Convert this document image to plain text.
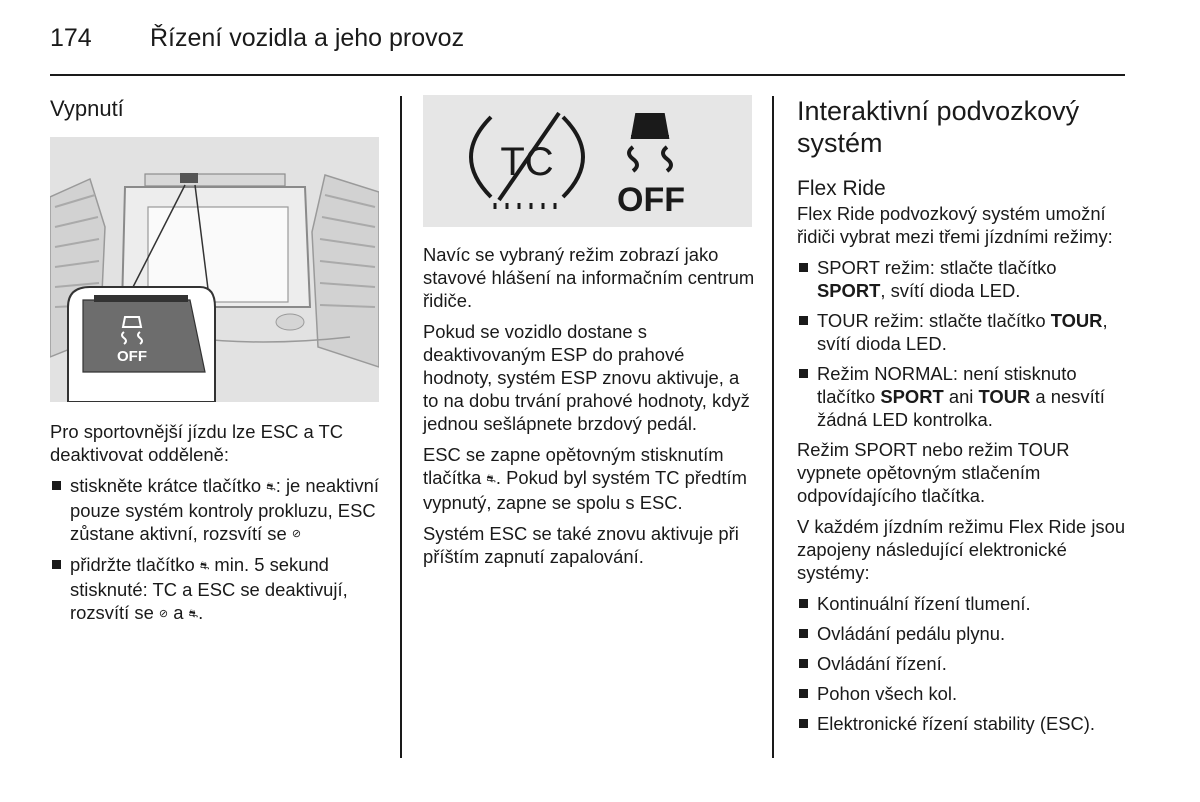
174 Řízení vozidla a jeho provoz
Vypnutí
OFF

Pro sportovnější jízdu lze ESC a TC deaktivovat odděleně:

stiskněte krátce tlačítko ⛐: je neaktivní pouze systém kontroly prokluzu, ESC zůstane aktivní, rozsvítí se ⊘
přidržte tlačítko ⛐ min. 5 sekund stisknuté: TC a ESC se deaktivují, rozsvítí se ⊘ a ⛐.
TC
OFF

Navíc se vybraný režim zobrazí jako stavové hlášení na informačním centrum řidiče.

Pokud se vozidlo dostane s deaktivovaným ESP do prahové hodnoty, systém ESP znovu aktivuje, a to na dobu trvání prahové hodnoty, když jednou sešlápnete brzdový pedál.

ESC se zapne opětovným stisknutím tlačítka ⛐. Pokud byl systém TC předtím vypnutý, zapne se spolu s ESC.

Systém ESC se také znovu aktivuje při příštím zapnutí zapalování.

Interaktivní podvozkový systém
Flex Ride

Flex Ride podvozkový systém umožní řidiči vybrat mezi třemi jízdními režimy:

SPORT režim: stlačte tlačítko SPORT, svítí dioda LED.
TOUR režim: stlačte tlačítko TOUR, svítí dioda LED.
Režim NORMAL: není stisknuto tlačítko SPORT ani TOUR a nesvítí žádná LED kontrolka.

Režim SPORT nebo režim TOUR vypnete opětovným stlačením odpovídajícího tlačítka.

V každém jízdním režimu Flex Ride jsou zapojeny následující elektronické systémy:

Kontinuální řízení tlumení.
Ovládání pedálu plynu.
Ovládání řízení.
Pohon všech kol.
Elektronické řízení stability (ESC).
